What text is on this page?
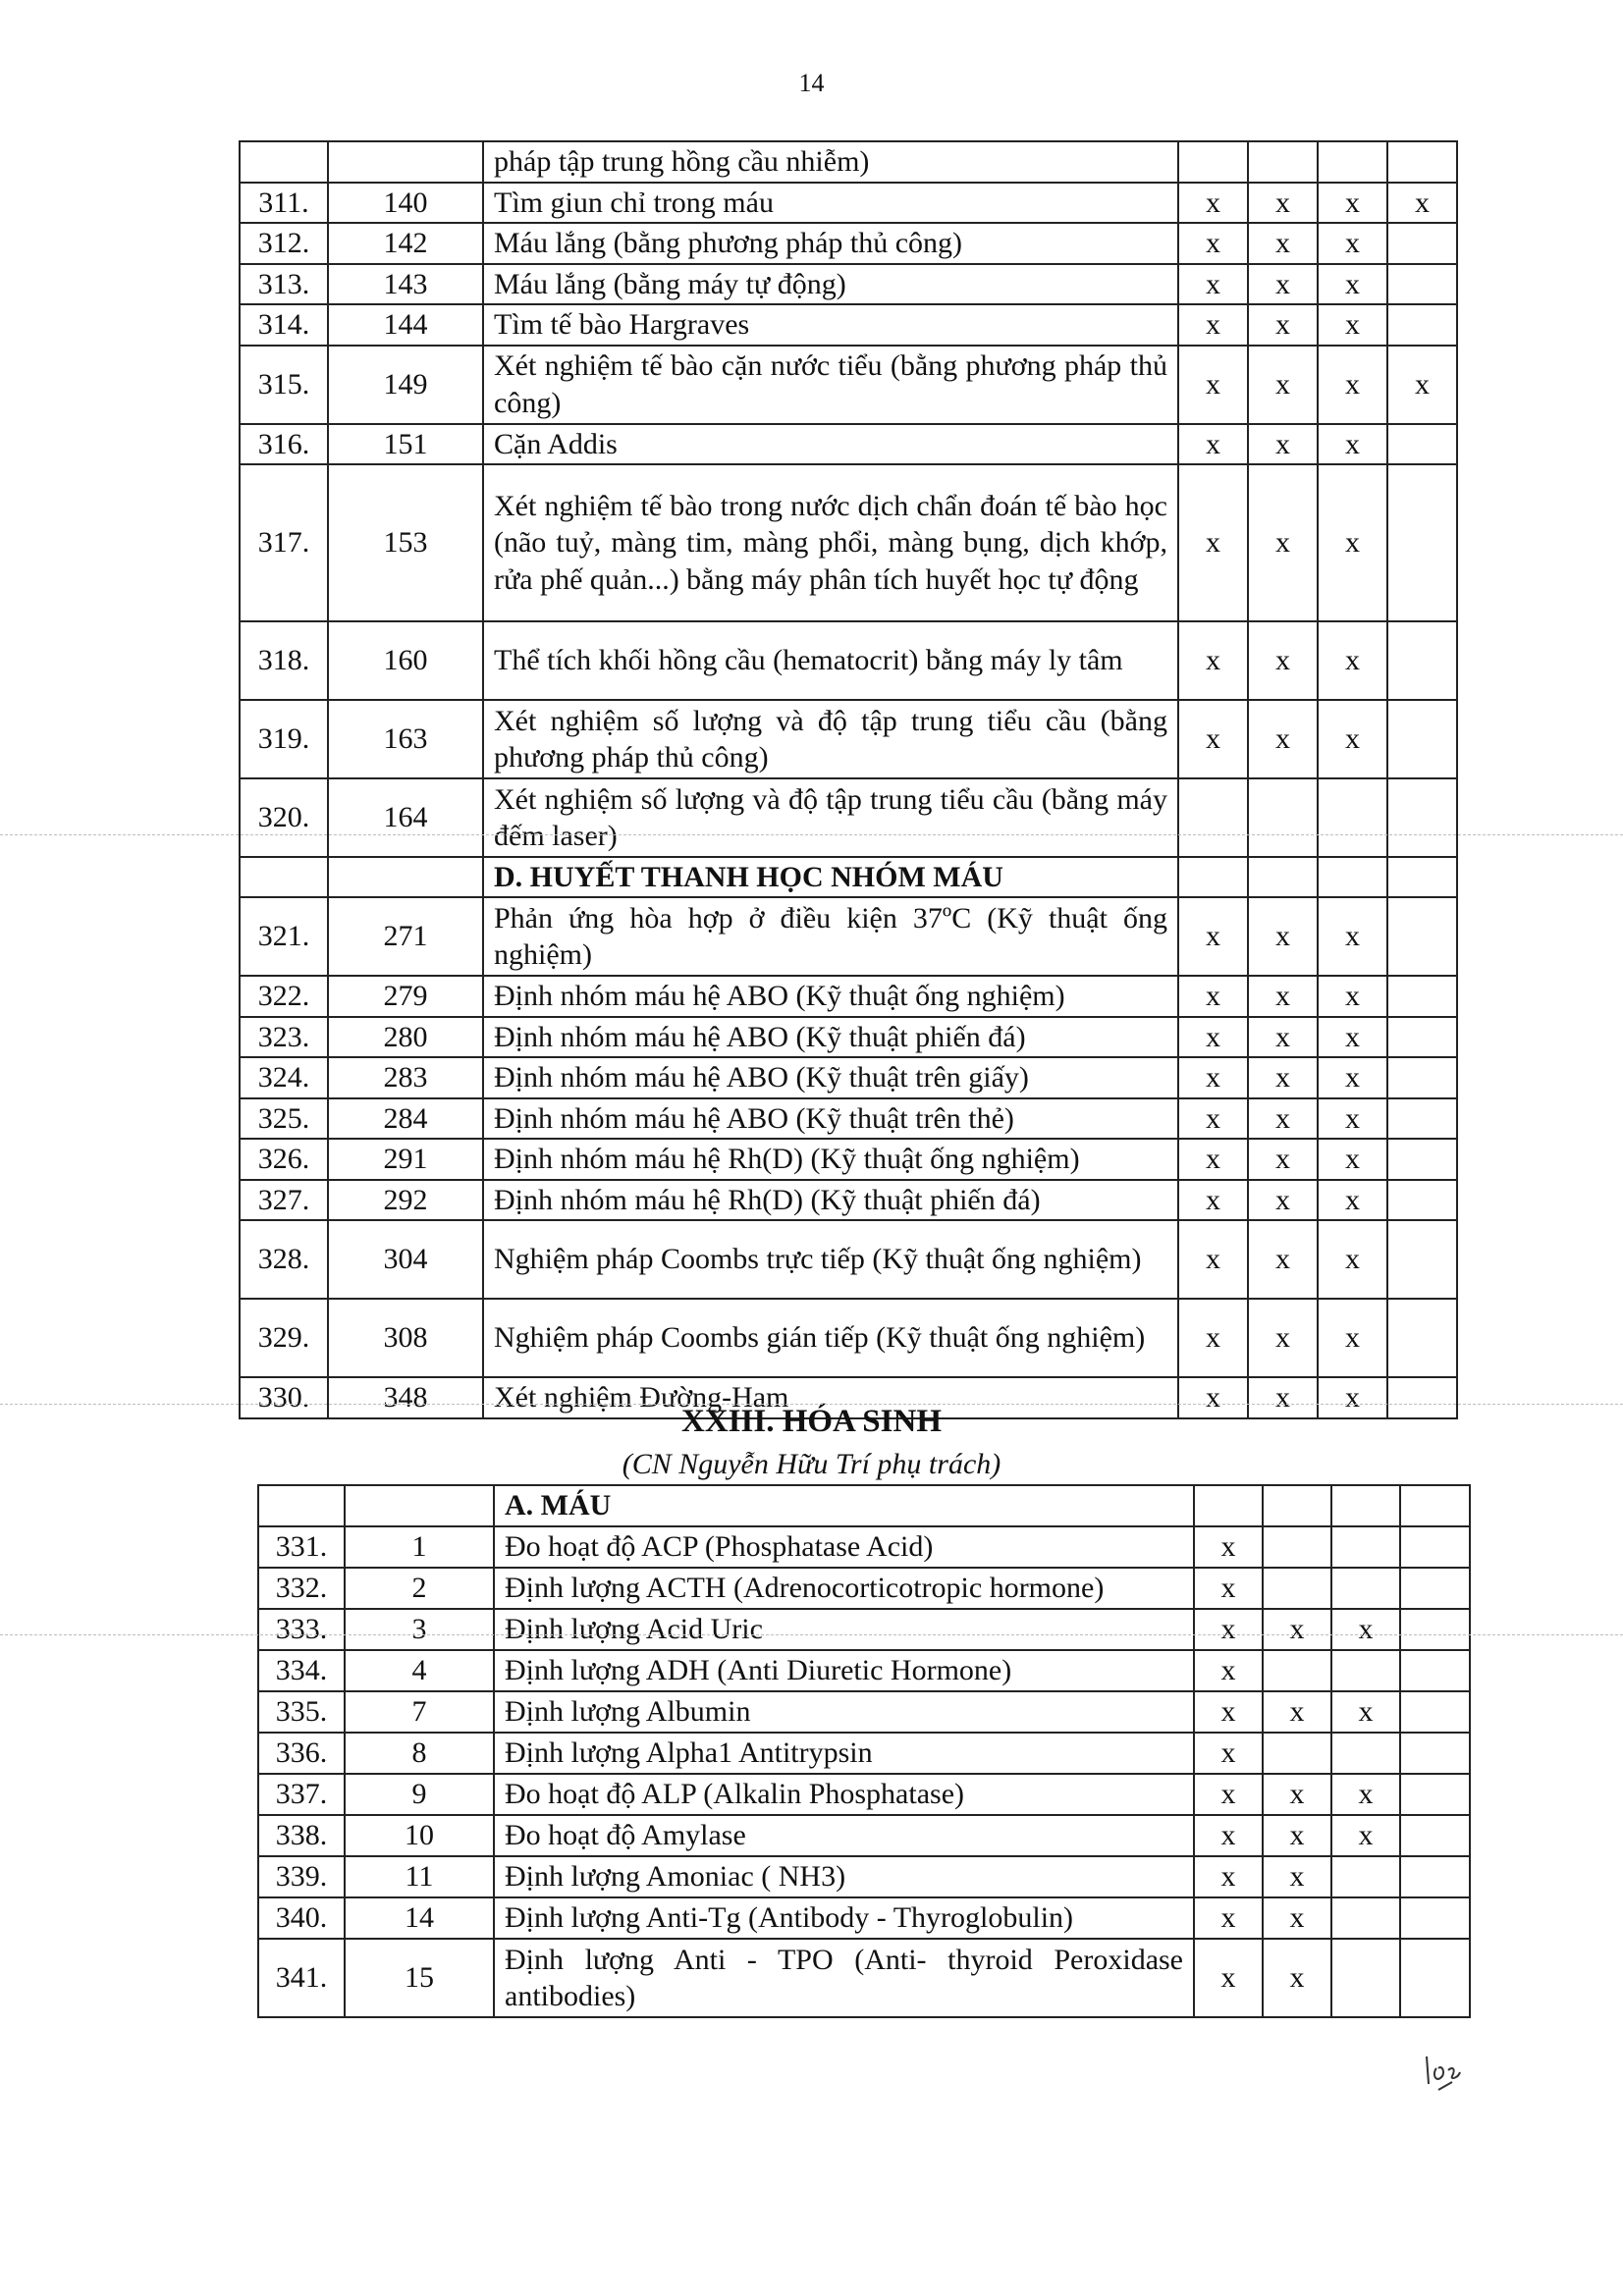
14
		pháp tập trung hồng cầu nhiễm)				
311.	140	Tìm giun chỉ trong máu	x	x	x	x
312.	142	Máu lắng (bằng phương pháp thủ công)	x	x	x	
313.	143	Máu lắng (bằng máy tự động)	x	x	x	
314.	144	Tìm tế bào Hargraves	x	x	x	
315.	149	Xét nghiệm tế bào cặn nước tiểu (bằng phương pháp thủ công)	x	x	x	x
316.	151	Cặn Addis	x	x	x	
317.	153	Xét nghiệm tế bào trong nước dịch chẩn đoán tế bào học (não tuỷ, màng tim, màng phổi, màng bụng, dịch khớp, rửa phế quản...) bằng máy phân tích huyết học tự động	x	x	x	
318.	160	Thể tích khối hồng cầu (hematocrit) bằng máy ly tâm	x	x	x	
319.	163	Xét nghiệm số lượng và độ tập trung tiểu cầu (bằng phương pháp thủ công)	x	x	x	
320.	164	Xét nghiệm số lượng và độ tập trung tiểu cầu (bằng máy đếm laser)				
		D. HUYẾT THANH HỌC NHÓM MÁU				
321.	271	Phản ứng hòa hợp ở điều kiện 37ºC (Kỹ thuật ống nghiệm)	x	x	x	
322.	279	Định nhóm máu hệ ABO (Kỹ thuật ống nghiệm)	x	x	x	
323.	280	Định nhóm máu hệ ABO (Kỹ thuật phiến đá)	x	x	x	
324.	283	Định nhóm máu hệ ABO (Kỹ thuật trên giấy)	x	x	x	
325.	284	Định nhóm máu hệ ABO (Kỹ thuật trên thẻ)	x	x	x	
326.	291	Định nhóm máu hệ Rh(D) (Kỹ thuật ống nghiệm)	x	x	x	
327.	292	Định nhóm máu hệ Rh(D) (Kỹ thuật phiến đá)	x	x	x	
328.	304	Nghiệm pháp Coombs trực tiếp (Kỹ thuật ống nghiệm)	x	x	x	
329.	308	Nghiệm pháp Coombs gián tiếp (Kỹ thuật ống nghiệm)	x	x	x	
330.	348	Xét nghiệm Đường-Ham	x	x	x	
XXIII. HÓA SINH
(CN Nguyễn Hữu Trí phụ trách)
		A. MÁU				
331.	1	Đo hoạt độ ACP (Phosphatase Acid)	x			
332.	2	Định lượng ACTH (Adrenocorticotropic hormone)	x			
333.	3	Định lượng Acid Uric	x	x	x	
334.	4	Định lượng ADH (Anti Diuretic Hormone)	x			
335.	7	Định lượng Albumin	x	x	x	
336.	8	Định lượng Alpha1 Antitrypsin	x			
337.	9	Đo hoạt độ ALP (Alkalin Phosphatase)	x	x	x	
338.	10	Đo hoạt độ Amylase	x	x	x	
339.	11	Định lượng Amoniac ( NH3)	x	x		
340.	14	Định lượng Anti-Tg (Antibody - Thyroglobulin)	x	x		
341.	15	Định lượng Anti - TPO (Anti- thyroid Peroxidase antibodies)	x	x		
